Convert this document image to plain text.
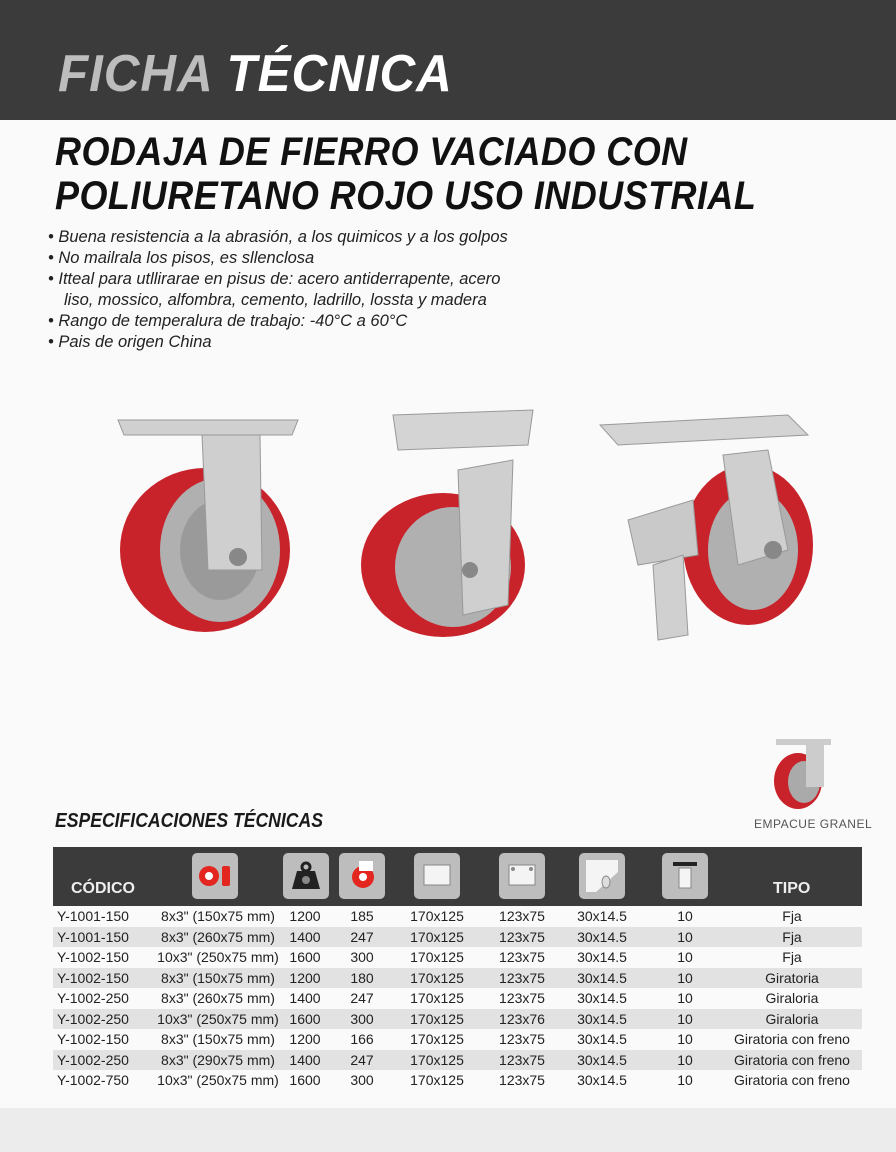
FICHA TÉCNICA
RODAJA DE FIERRO VACIADO CON
POLIURETANO ROJO USO INDUSTRIAL
• Buena resistencia a la abrasión, a los quimicos y a los golpos
• No mailrala los pisos, es sllenclosa
• Itteal para utllirarae en pisus de: acero antiderrapente, acero
liso, mossico, alfombra, cemento, ladrillo, lossta y madera
• Rango de temperalura de trabajo: -40°C a 60°C
• Pais de origen China
EMPACUE GRANEL
ESPECIFICACIONES TÉCNICAS
CÓDICO	TIPO
Y-1001-150 8x3" (150x75 mm) 1200 185	170x125	123x75 30x14.5	10	Fja
Y-1001-150 8x3" (260x75 mm) 1400 247	170x125	123x75 30x14.5	10	Fja
Y-1002-150 10x3" (250x75 mm) 1600 300	170x125	123x75 30x14.5	10	Fja
Y-1002-150 8x3" (150x75 mm) 1200 180	170x125	123x75 30x14.5	10	Giratoria
Y-1002-250 8x3" (260x75 mm) 1400 247	170x125	123x75 30x14.5	10	Giraloria
Y-1002-250 10x3" (250x75 mm) 1600 300	170x125	123x76 30x14.5	10	Giraloria
Y-1002-150 8x3" (150x75 mm) 1200 166	170x125	123x75 30x14.5	10	Giratoria con freno
Y-1002-250 8x3" (290x75 mm) 1400 247	170x125	123x75 30x14.5	10	Giratoria con freno
Y-1002-750 10x3" (250x75 mm) 1600 300	170x125	123x75 30x14.5	10	Giratoria con freno
